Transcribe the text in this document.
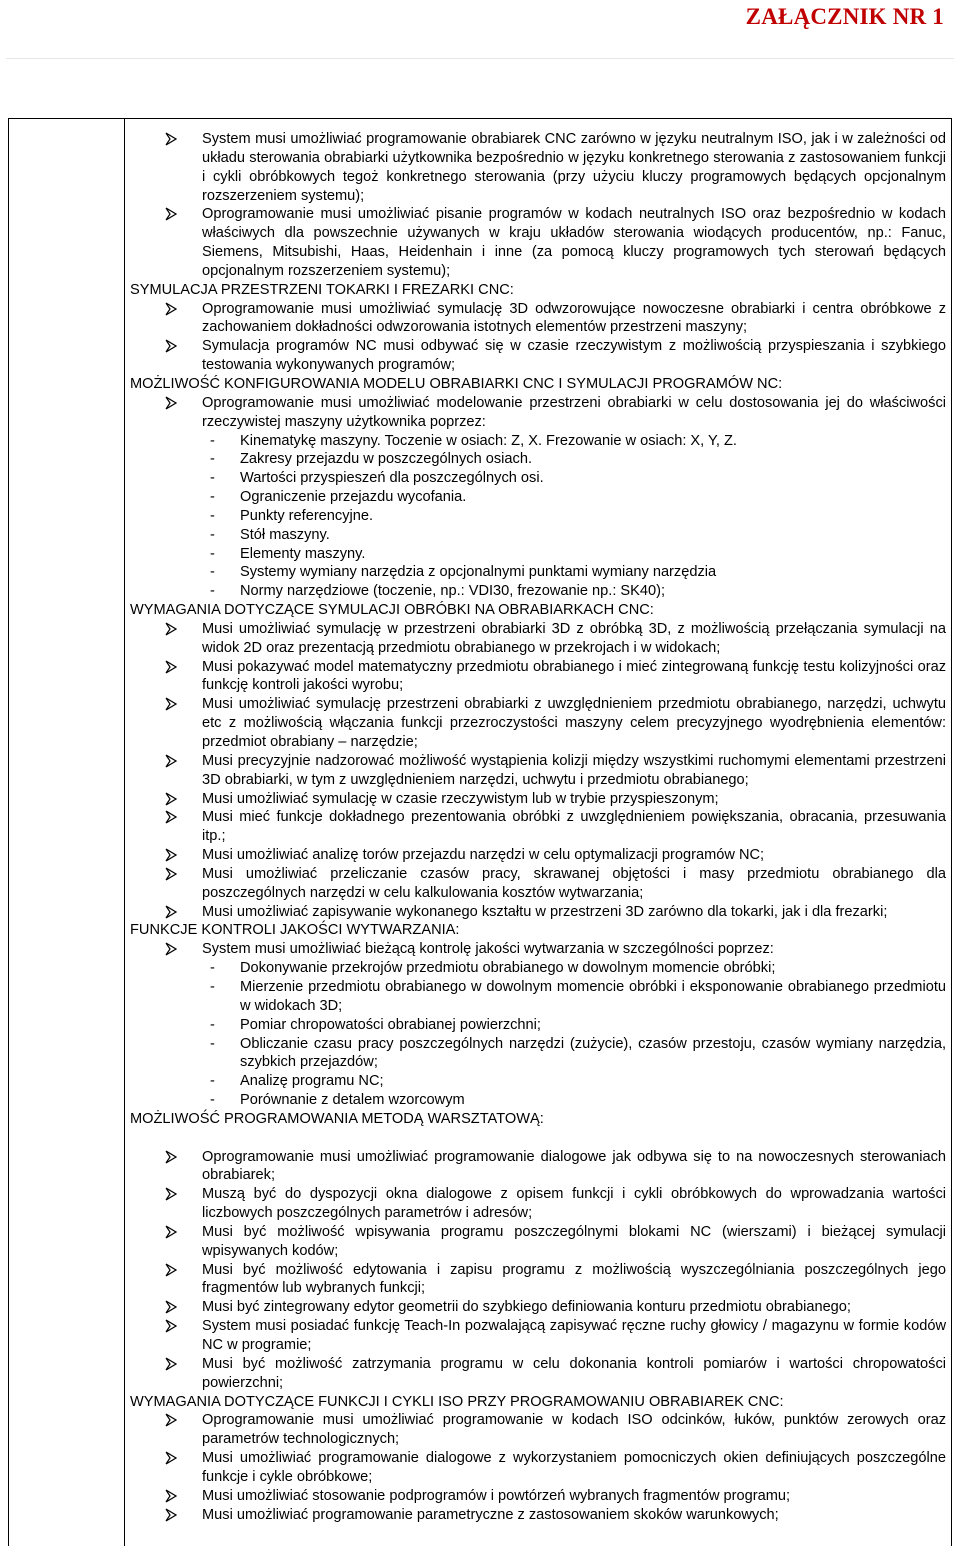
ZAŁĄCZNIK NR 1
System musi umożliwiać programowanie obrabiarek CNC zarówno w języku neutralnym ISO, jak i w zależności od układu sterowania obrabiarki użytkownika bezpośrednio w języku konkretnego sterowania z zastosowaniem funkcji i cykli obróbkowych tegoż konkretnego sterowania (przy użyciu kluczy programowych będących opcjonalnym rozszerzeniem systemu);
Oprogramowanie musi umożliwiać pisanie programów w kodach neutralnych ISO oraz bezpośrednio w kodach właściwych dla powszechnie używanych w kraju układów sterowania wiodących producentów, np.: Fanuc, Siemens, Mitsubishi, Haas, Heidenhain i inne (za pomocą kluczy programowych tych sterowań będących opcjonalnym rozszerzeniem systemu);
SYMULACJA PRZESTRZENI TOKARKI I FREZARKI CNC:
Oprogramowanie musi umożliwiać symulację 3D odwzorowujące nowoczesne obrabiarki i centra obróbkowe z zachowaniem dokładności odwzorowania istotnych elementów przestrzeni maszyny;
Symulacja programów NC musi odbywać się w czasie rzeczywistym z możliwością przyspieszania i szybkiego testowania wykonywanych programów;
MOŻLIWOŚĆ KONFIGUROWANIA MODELU OBRABIARKI CNC I SYMULACJI PROGRAMÓW NC:
Oprogramowanie musi umożliwiać modelowanie przestrzeni obrabiarki w celu dostosowania jej do właściwości rzeczywistej maszyny użytkownika poprzez:
- Kinematykę maszyny. Toczenie w osiach: Z, X. Frezowanie w osiach: X, Y, Z.
- Zakresy przejazdu w poszczególnych osiach.
- Wartości przyspieszeń dla poszczególnych osi.
- Ograniczenie przejazdu wycofania.
- Punkty referencyjne.
- Stół maszyny.
- Elementy maszyny.
- Systemy wymiany narzędzia z opcjonalnymi punktami wymiany narzędzia
- Normy narzędziowe (toczenie, np.: VDI30, frezowanie np.: SK40);
WYMAGANIA DOTYCZĄCE SYMULACJI OBRÓBKI NA OBRABIARKACH CNC:
Musi umożliwiać symulację w przestrzeni obrabiarki 3D z obróbką 3D, z możliwością przełączania symulacji na widok 2D oraz prezentacją przedmiotu obrabianego w przekrojach i w widokach;
Musi pokazywać model matematyczny przedmiotu obrabianego i mieć zintegrowaną funkcję testu kolizyjności oraz funkcję kontroli jakości wyrobu;
Musi umożliwiać symulację przestrzeni obrabiarki z uwzględnieniem przedmiotu obrabianego, narzędzi, uchwytu etc z możliwością włączania funkcji przezroczystości maszyny celem precyzyjnego wyodrębnienia elementów: przedmiot obrabiany – narzędzie;
Musi precyzyjnie nadzorować możliwość wystąpienia kolizji między wszystkimi ruchomymi elementami przestrzeni 3D obrabiarki, w tym z uwzględnieniem narzędzi, uchwytu i przedmiotu obrabianego;
Musi umożliwiać symulację w czasie rzeczywistym lub w trybie przyspieszonym;
Musi mieć funkcje dokładnego prezentowania obróbki z uwzględnieniem powiększania, obracania, przesuwania itp.;
Musi umożliwiać analizę torów przejazdu narzędzi w celu optymalizacji programów NC;
Musi umożliwiać przeliczanie czasów pracy, skrawanej objętości i masy przedmiotu obrabianego dla poszczególnych narzędzi w celu kalkulowania kosztów wytwarzania;
Musi umożliwiać zapisywanie wykonanego kształtu w przestrzeni 3D zarówno dla tokarki, jak i dla frezarki;
FUNKCJE KONTROLI JAKOŚCI WYTWARZANIA:
System musi umożliwiać bieżącą kontrolę jakości wytwarzania w szczególności poprzez:
- Dokonywanie przekrojów przedmiotu obrabianego w dowolnym momencie obróbki;
- Mierzenie przedmiotu obrabianego w dowolnym momencie obróbki i eksponowanie obrabianego przedmiotu w widokach 3D;
- Pomiar chropowatości obrabianej powierzchni;
- Obliczanie czasu pracy poszczególnych narzędzi (zużycie), czasów przestoju, czasów wymiany narzędzia, szybkich przejazdów;
- Analizę programu NC;
- Porównanie z detalem wzorcowym
MOŻLIWOŚĆ PROGRAMOWANIA METODĄ WARSZTATOWĄ:
Oprogramowanie musi umożliwiać programowanie dialogowe jak odbywa się to na nowoczesnych sterowaniach obrabiarek;
Muszą być do dyspozycji okna dialogowe z opisem funkcji i cykli obróbkowych do wprowadzania wartości liczbowych poszczególnych parametrów i adresów;
Musi być możliwość wpisywania programu poszczególnymi blokami NC (wierszami) i bieżącej symulacji wpisywanych kodów;
Musi być możliwość edytowania i zapisu programu z możliwością wyszczególniania poszczególnych jego fragmentów lub wybranych funkcji;
Musi być zintegrowany edytor geometrii do szybkiego definiowania konturu przedmiotu obrabianego;
System musi posiadać funkcję Teach-In pozwalającą zapisywać ręczne ruchy głowicy / magazynu w formie kodów NC w programie;
Musi być możliwość zatrzymania programu w celu dokonania kontroli pomiarów i wartości chropowatości powierzchni;
WYMAGANIA DOTYCZĄCE FUNKCJI I CYKLI ISO PRZY PROGRAMOWANIU OBRABIAREK CNC:
Oprogramowanie musi umożliwiać programowanie w kodach ISO odcinków, łuków, punktów zerowych oraz parametrów technologicznych;
Musi umożliwiać programowanie dialogowe z wykorzystaniem pomocniczych okien definiujących poszczególne funkcje i cykle obróbkowe;
Musi umożliwiać stosowanie podprogramów i powtórzeń wybranych fragmentów programu;
Musi umożliwiać programowanie parametryczne z zastosowaniem skoków warunkowych;
